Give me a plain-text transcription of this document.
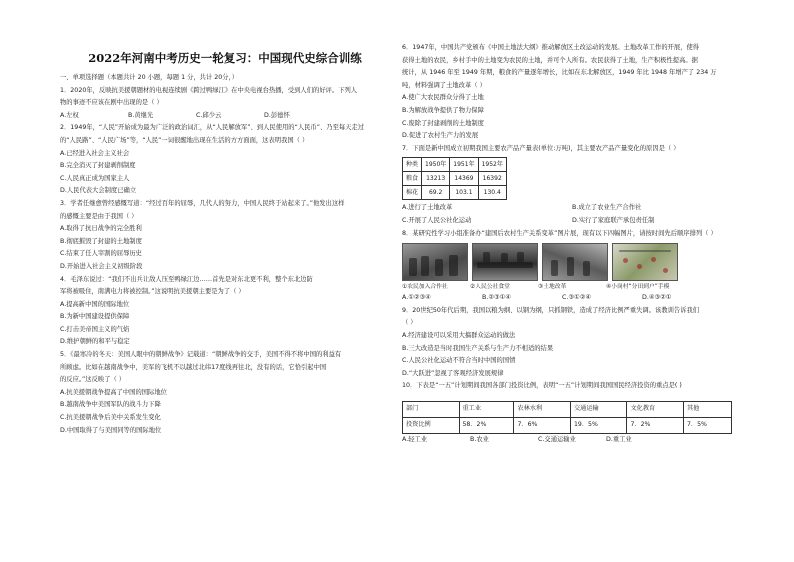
2022年河南中考历史一轮复习：中国现代史综合训练
一、单项选择题（本题共计 20 小题，每题 1 分，共计 20分，）
1．2020年，反映抗美援朝题材的电视连续剧《跨过鸭绿江》在中央电视台热播，受到人们的好评。下列人
物的事迹不应该在剧中出现的是（ ）
A.左权	B.黄继光	C.邱少云	D.彭德怀
2．1949年，“人民”开始成为最为广泛的政治词汇，从“人民解放军”、到人民使用的“人民币”、乃至每天走过
的“人民路”、“人民广场”等，“人民”一词很醒地出现在生活的方方面面，这表明我国（ ）
A.已经进入社会主义社会
B.完全消灭了封建剥削制度
C.人民真正成为国家主人
D.人民代表大会制度已确立
3．学者任继愈曾经感慨写道：“经过百年的屈辱，几代人的努力，中国人民终于站起来了。”他发出这样
的感慨主要是由于我国（ ）
A.取得了抗日战争的完全胜利
B.彻底摧毁了封建的土地制度
C.结束了任人宰割的屈辱历史
D.开始进入社会主义初级阶段
4．毛泽东说过：“我们不出兵让敌人压至鸭绿江边……首先是对东北更不利，整个东北边防
军将被吸住，南满电力将被控制。”这说明抗美援朝主要是为了（ ）
A.提高新中国的国际地位
B.为新中国建设提供保障
C.打击美帝国主义的气焰
D.维护朝鲜的和平与稳定
5．《最寒冷的冬天：美国人眼中的朝鲜战争》记载道：“朝鲜战争的交手，美国不得不将中国的利益有
所顾虑。比如在越南战争中，美军的飞机不以越过北纬17度线再往北，没有的话，它恰引起中国
的反应。”这反映了（ ）
A.抗美援朝战争提高了中国的国际地位
B.越南战争中美国军队的战斗力下降
C.抗美援朝战争后美中关系发生变化
D.中国取得了与美国同等的国际地位
6．1947年，中国共产党颁布《中国土地法大纲》推动解放区土改运动的发展。土地改革工作的开展，使得
获得土地的农民，乡村手中的土地变为农民的土地，并可个人所有。农民获得了土地，生产积极性提高。据
统计，从 1946 年至 1949 年期，粮食的产量逐年增长，比如在东北解放区，1949 年比 1948 年增产了 234 万
吨，材料强调了土地改革（ ）
A.使广大农民群众分得了土地
B.为解放战争提供了物力保障
C.废除了封建剥削的土地制度
D.促进了农村生产力的发展
7．下面是新中国成立初期我国主要农产品产量表(单位:万吨)，其主要农产品产量变化的原因是（ ）
种类	1950年	1951年	1952年
粮食	13213	14369	16392
棉花	69.2	103.1	130.4
A.进行了土地改革	B.成立了农业生产合作社
C.开展了人民公社化运动	D.实行了家庭联产承包责任制
8．某研究性学习小组准备办“建国后农村生产关系变革”图片展，现有以下四幅图片，请按时间先后顺序排列（ ）
①农民加入合作社	②人民公社食堂	③土地改革	④小岗村“分田到户”手模
A.①②③④	B.②③①④	C.③①②④	D.④③②①
9．20世纪50年代后期，我国以粮为纲、以钢为纲，只抓钢铁，造成了经济比例严重失调。该教训告诉我们
（ ）
A.经济建设可以采用大搞群众运动的做法
B.三大改造是当时我国生产关系与生产力不相适的结果
C.人民公社化运动不符合当时中国的国情
D.“大跃进”忽视了客观经济发展规律
10．下表是“一五”计划期间我国各部门投资比例，表明“一五”计划期间我国国民经济投资的重点是( )
部门	重工业	农林水利	交通运输	文化教育	其他
投资比例	58．2%	7．6%	19．5%	7．2%	7．5%
A.轻工业	B.农业	C.交通运输业	D.重工业
